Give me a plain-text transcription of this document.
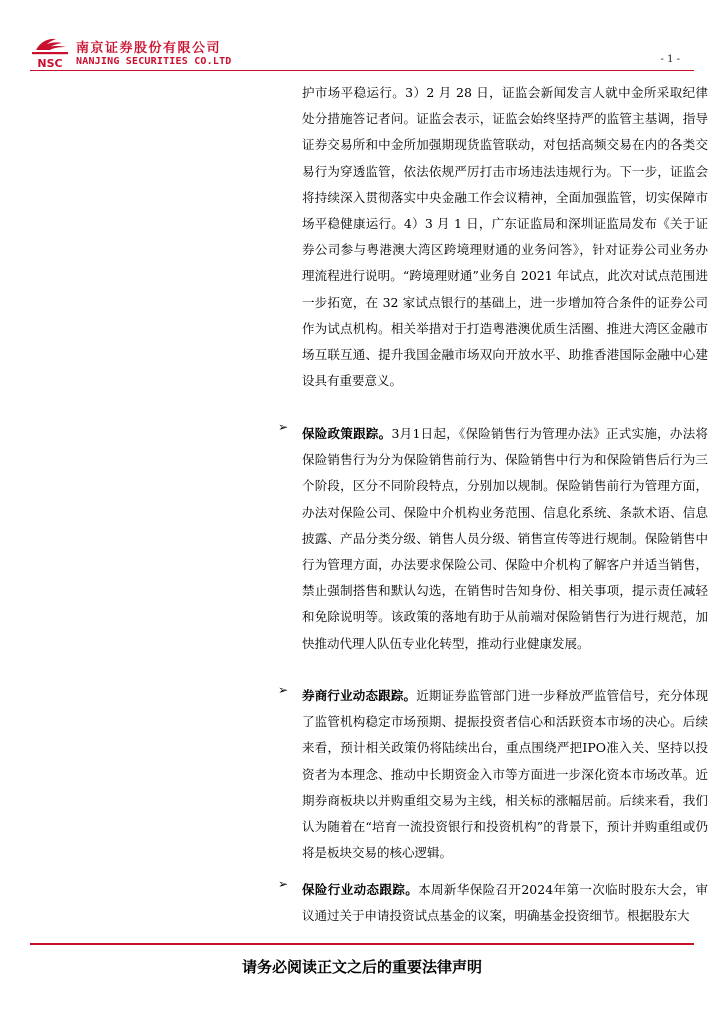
NSC
南京证券股份有限公司
NANJING SECURITIES CO.LTD	- 1 -
护市场平稳运行。3）2 月 28 日，证监会新闻发言人就中金所采取纪律处分措施答记者问。证监会表示，证监会始终坚持严的监管主基调，指导证券交易所和中金所加强期现货监管联动，对包括高频交易在内的各类交易行为穿透监管，依法依规严厉打击市场违法违规行为。下一步，证监会将持续深入贯彻落实中央金融工作会议精神，全面加强监管，切实保障市场平稳健康运行。4）3 月 1 日，广东证监局和深圳证监局发布《关于证券公司参与粤港澳大湾区跨境理财通的业务问答》，针对证券公司业务办理流程进行说明。“跨境理财通”业务自 2021 年试点，此次对试点范围进一步拓宽，在 32 家试点银行的基础上，进一步增加符合条件的证券公司作为试点机构。相关举措对于打造粤港澳优质生活圈、推进大湾区金融市场互联互通、提升我国金融市场双向开放水平、助推香港国际金融中心建设具有重要意义。
➢ 保险政策跟踪。3月1日起，《保险销售行为管理办法》正式实施，办法将保险销售行为分为保险销售前行为、保险销售中行为和保险销售后行为三个阶段，区分不同阶段特点，分别加以规制。保险销售前行为管理方面，办法对保险公司、保险中介机构业务范围、信息化系统、条款术语、信息披露、产品分类分级、销售人员分级、销售宣传等进行规制。保险销售中行为管理方面，办法要求保险公司、保险中介机构了解客户并适当销售，禁止强制搭售和默认勾选，在销售时告知身份、相关事项，提示责任减轻和免除说明等。该政策的落地有助于从前端对保险销售行为进行规范，加快推动代理人队伍专业化转型，推动行业健康发展。
➢ 券商行业动态跟踪。近期证券监管部门进一步释放严监管信号，充分体现了监管机构稳定市场预期、提振投资者信心和活跃资本市场的决心。后续来看，预计相关政策仍将陆续出台，重点围绕严把IPO准入关、坚持以投资者为本理念、推动中长期资金入市等方面进一步深化资本市场改革。近期券商板块以并购重组交易为主线，相关标的涨幅居前。后续来看，我们认为随着在“培育一流投资银行和投资机构”的背景下，预计并购重组或仍将是板块交易的核心逻辑。
➢ 保险行业动态跟踪。本周新华保险召开2024年第一次临时股东大会，审议通过关于申请投资试点基金的议案，明确基金投资细节。根据股东大
请务必阅读正文之后的重要法律声明
